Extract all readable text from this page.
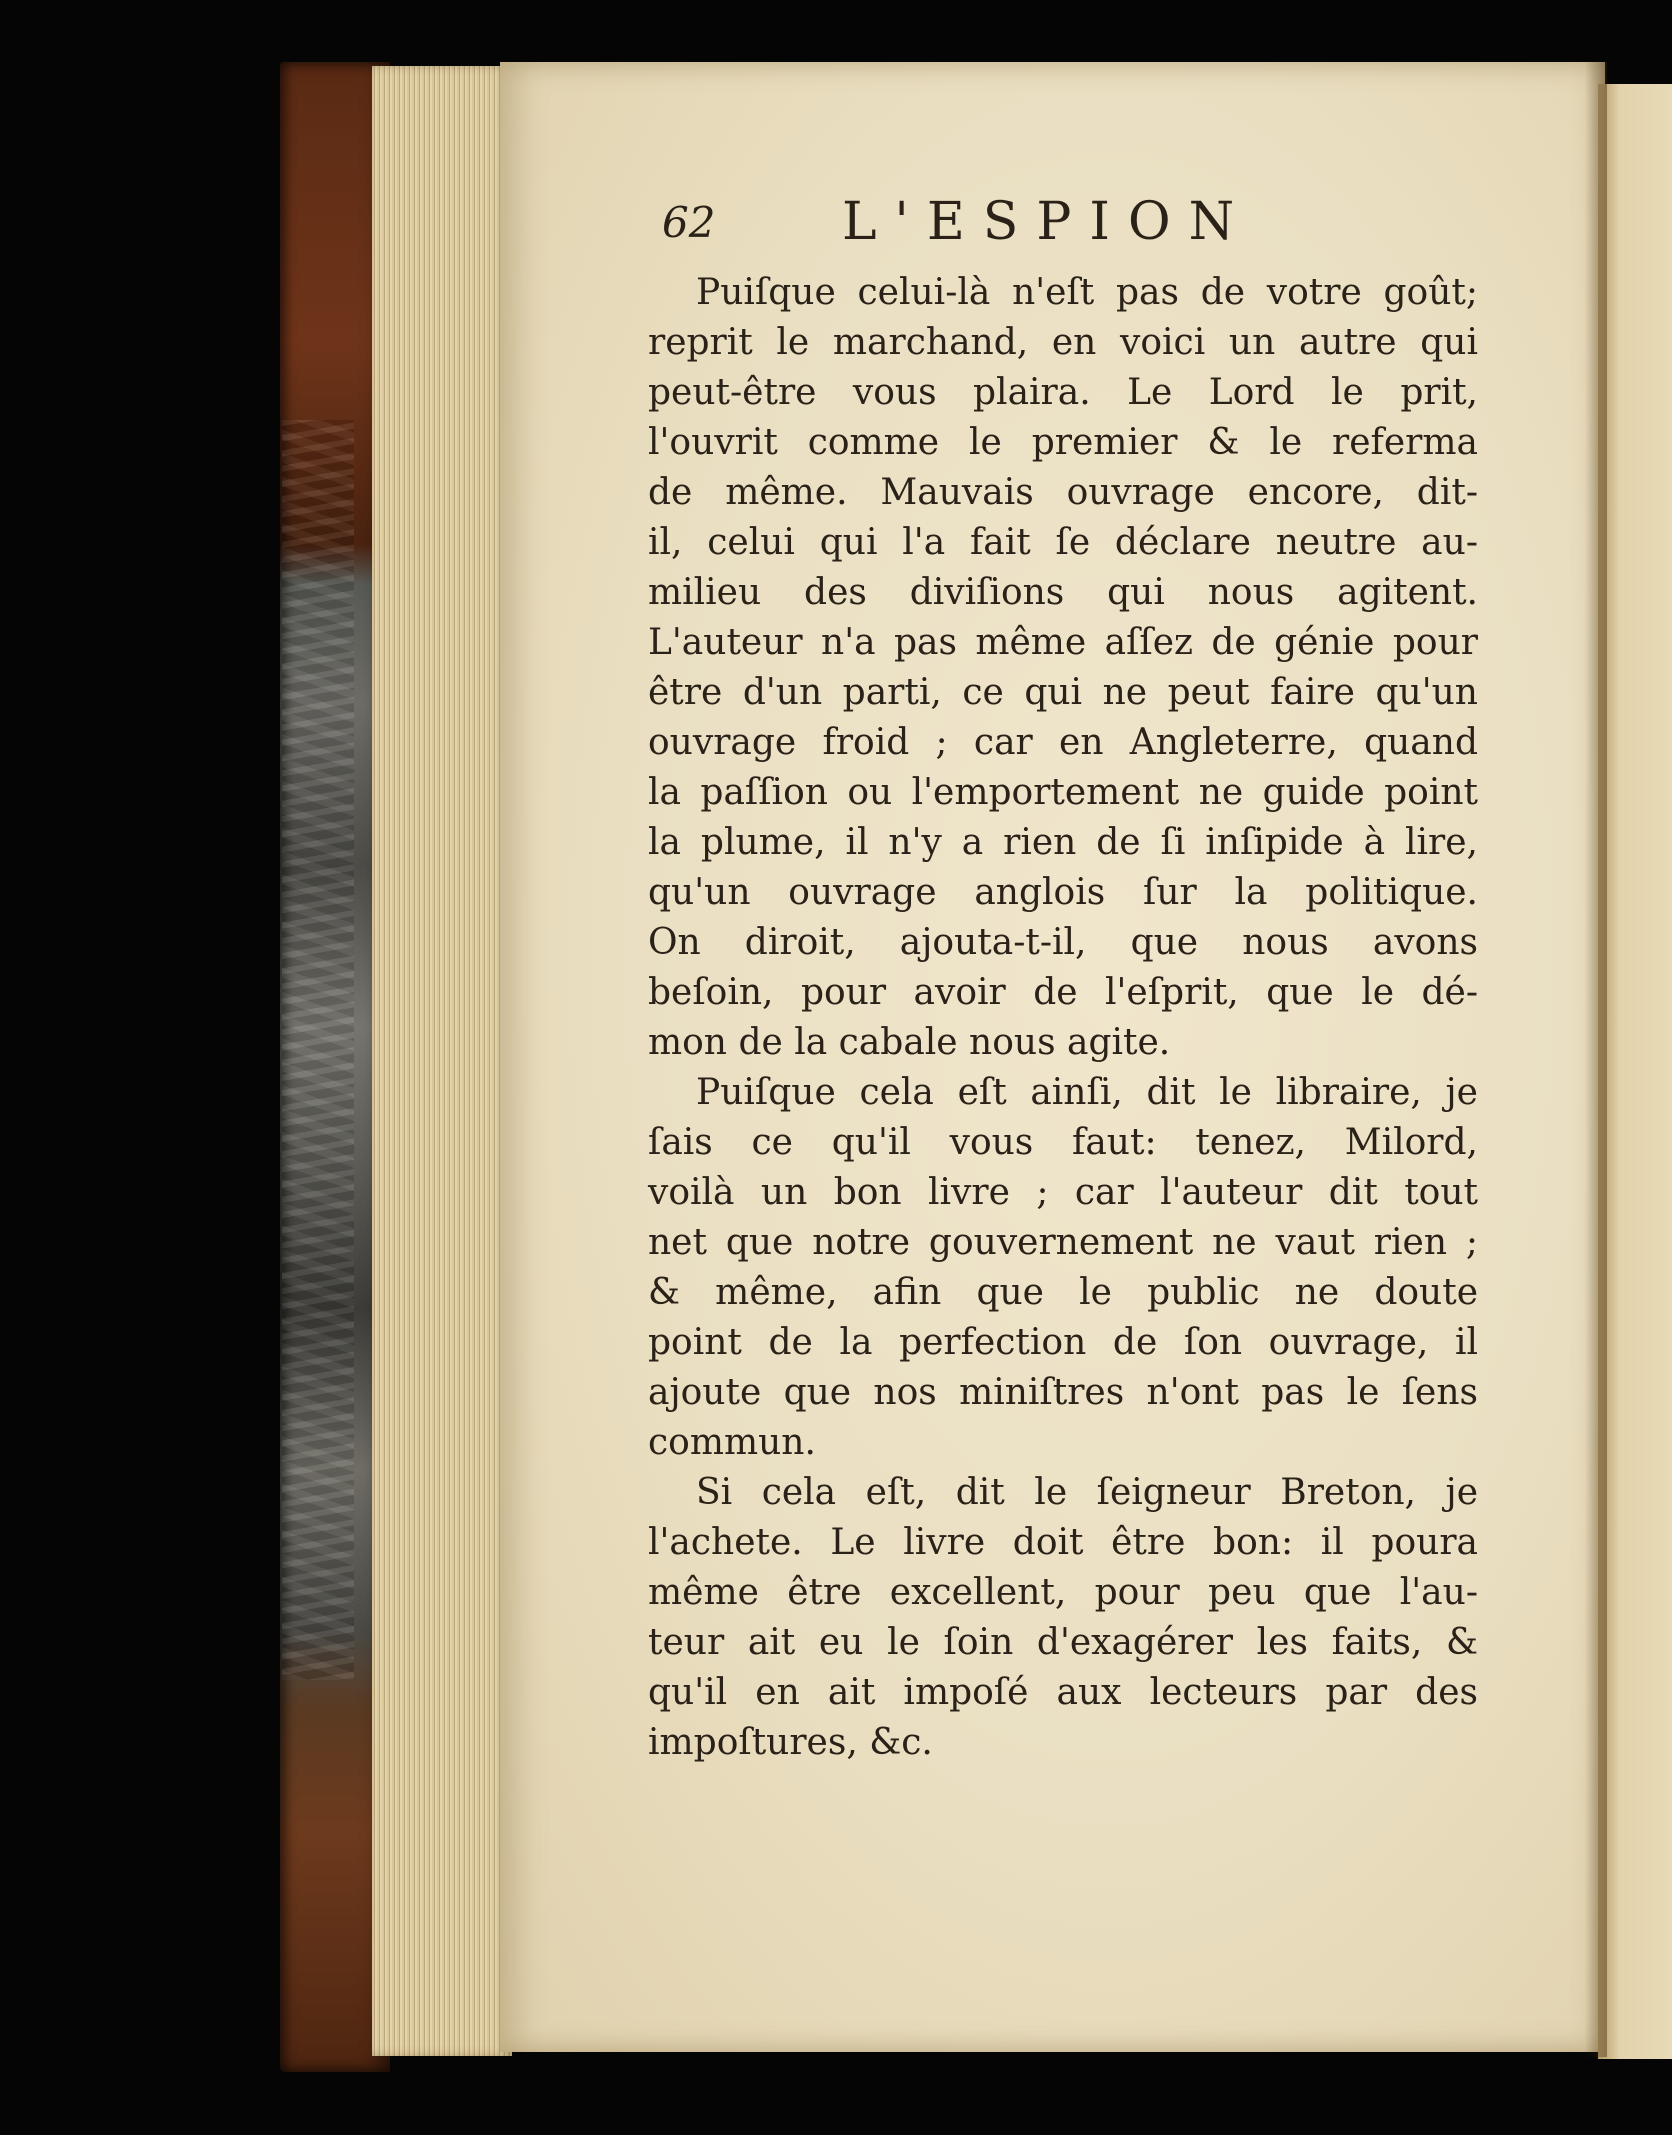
62 L'ESPION
Puiſque celui-là n'eſt pas de votre goût;
reprit le marchand, en voici un autre qui
peut-être vous plaira. Le Lord le prit,
l'ouvrit comme le premier & le referma
de même. Mauvais ouvrage encore, dit-
il, celui qui l'a fait ſe déclare neutre au-
milieu des diviſions qui nous agitent.
L'auteur n'a pas même aſſez de génie pour
être d'un parti, ce qui ne peut faire qu'un
ouvrage froid ; car en Angleterre, quand
la paſſion ou l'emportement ne guide point
la plume, il n'y a rien de ſi inſipide à lire,
qu'un ouvrage anglois ſur la politique.
On diroit, ajouta-t-il, que nous avons
beſoin, pour avoir de l'eſprit, que le dé-
mon de la cabale nous agite.
Puiſque cela eſt ainſi, dit le libraire, je
ſais ce qu'il vous faut: tenez, Milord,
voilà un bon livre ; car l'auteur dit tout
net que notre gouvernement ne vaut rien ;
& même, afin que le public ne doute
point de la perfection de ſon ouvrage, il
ajoute que nos miniſtres n'ont pas le ſens
commun.
Si cela eſt, dit le ſeigneur Breton, je
l'achete. Le livre doit être bon: il poura
même être excellent, pour peu que l'au-
teur ait eu le ſoin d'exagérer les faits, &
qu'il en ait impoſé aux lecteurs par des
impoſtures, &c.
